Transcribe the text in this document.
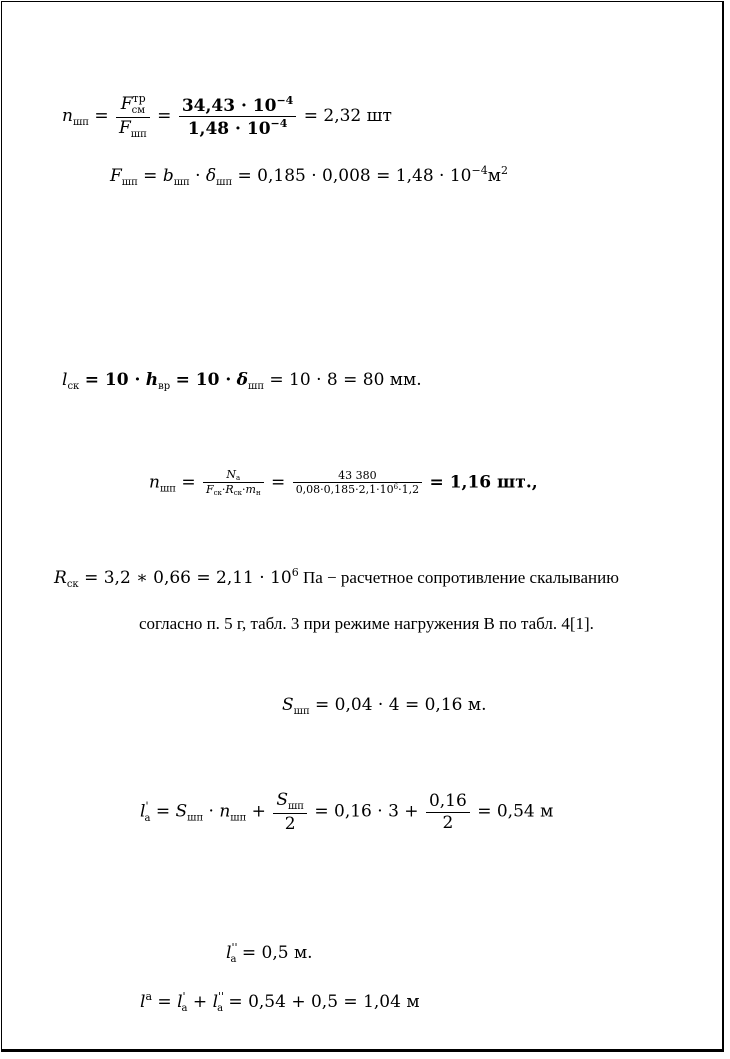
$n_{шп}$ =
$F^{тр}_{см}$
$F_{шп}$
= $\frac{34,43 \cdot 10^{-4}}{1,48 \cdot 10^{-4}} = 2,32$ шт
$F_{шп} = b_{шп} \cdot \delta_{шп} = 0,185 \cdot 0,008 = 1,48 \cdot 10^{-4}м^2$
$l_{ск} = 10 \cdot h_{вр} = 10 \cdot \delta_{шп} = 10 \cdot 8 = 80$ мм.
$n_{шп}$ =	$N_a$
$F_{ск}\cdot R_{ск}\cdot m_н$
= $\frac{43 380}{0,08\cdot 0,185\cdot 2,1\cdot 10^6\cdot 1,2} = 1,16$ шт.,
$R_{ск} = 3,2$ ∗ $0,66 = 2,11 \cdot 10^6$ Па − расчетное сопротивление скалыванию
согласно п. 5 г, табл. 3 при режиме нагружения В по табл. 4[1].
$S_{шп} = 0,04 \cdot 4 = 0,16$ м.
$l'_a = S_{шп} \cdot n_{шп}$ +
$S_{шп}$
2
= $0,16 \cdot 3 + \frac{0,16}{2} = 0,54$ м
$l''_a = 0,5$ м.
$l^a = l'_a + l''_a = 0,54 + 0,5 = 1,04$ м
